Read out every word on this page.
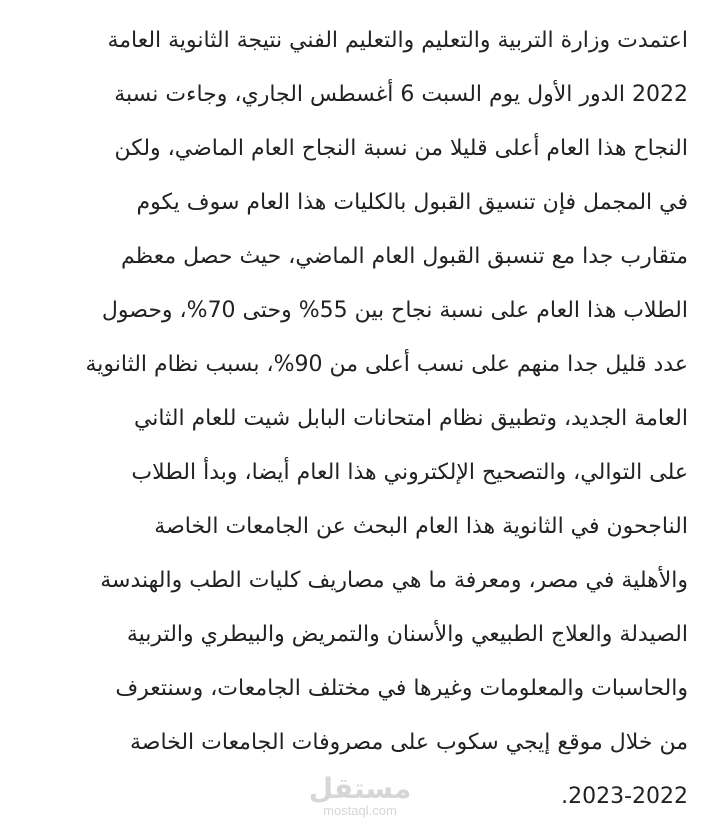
اعتمدت وزارة التربية والتعليم والتعليم الفني نتيجة الثانوية العامة
2022 الدور الأول يوم السبت 6 أغسطس الجاري، وجاءت نسبة
النجاح هذا العام أعلى قليلا من نسبة النجاح العام الماضي، ولكن
في المجمل فإن تنسيق القبول بالكليات هذا العام سوف يكوم
متقارب جدا مع تنسبق القبول العام الماضي، حيث حصل معظم
الطلاب هذا العام على نسبة نجاح بين 55% وحتى 70%، وحصول
عدد قليل جدا منهم على نسب أعلى من 90%، بسبب نظام الثانوية
العامة الجديد، وتطبيق نظام امتحانات البابل شيت للعام الثاني
على التوالي، والتصحيح الإلكتروني هذا العام أيضا، وبدأ الطلاب
الناجحون في الثانوية هذا العام البحث عن الجامعات الخاصة
والأهلية في مصر، ومعرفة ما هي مصاريف كليات الطب والهندسة
الصيدلة والعلاج الطبيعي والأسنان والتمريض والبيطري والتربية
والحاسبات والمعلومات وغيرها في مختلف الجامعات، وسنتعرف
من خلال موقع إيجي سكوب على مصروفات الجامعات الخاصة
2023-2022.
مستقل
mostaql.com
